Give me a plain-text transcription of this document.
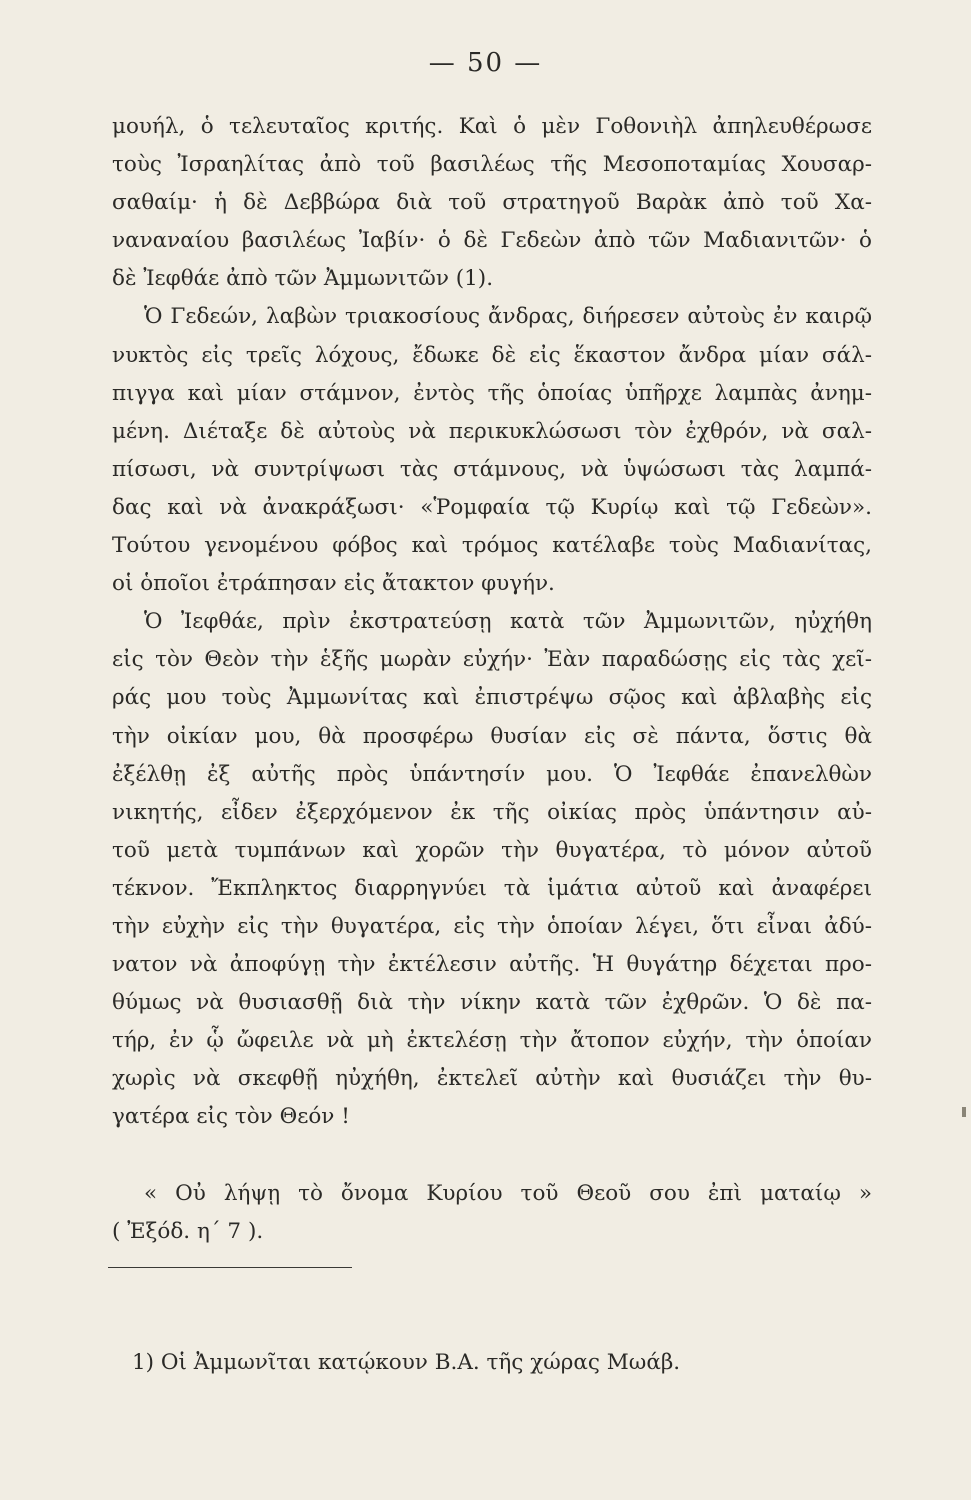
— 50 —
μουήλ, ὁ τελευταῖος κριτής. Καὶ ὁ μὲν Γοθονιὴλ ἀπηλευθέρωσε
τοὺς Ἰσραηλίτας ἀπὸ τοῦ βασιλέως τῆς Μεσοποταμίας Χουσαρ-
σαθαίμ· ἡ δὲ Δεββώρα διὰ τοῦ στρατηγοῦ Βαρὰκ ἀπὸ τοῦ Χα-
ναναναίου βασιλέως Ἰαβίν· ὁ δὲ Γεδεὼν ἀπὸ τῶν Μαδιανιτῶν· ὁ
δὲ Ἰεφθάε ἀπὸ τῶν Ἀμμωνιτῶν (1).
Ὁ Γεδεών, λαβὼν τριακοσίους ἄνδρας, διήρεσεν αὐτοὺς ἐν καιρῷ
νυκτὸς εἰς τρεῖς λόχους, ἔδωκε δὲ εἰς ἕκαστον ἄνδρα μίαν σάλ-
πιγγα καὶ μίαν στάμνον, ἐντὸς τῆς ὁποίας ὑπῆρχε λαμπὰς ἀνημ-
μένη. Διέταξε δὲ αὐτοὺς νὰ περικυκλώσωσι τὸν ἐχθρόν, νὰ σαλ-
πίσωσι, νὰ συντρίψωσι τὰς στάμνους, νὰ ὑψώσωσι τὰς λαμπά-
δας καὶ νὰ ἀνακράξωσι· «Ῥομφαία τῷ Κυρίῳ καὶ τῷ Γεδεὼν».
Τούτου γενομένου φόβος καὶ τρόμος κατέλαβε τοὺς Μαδιανίτας,
οἱ ὁποῖοι ἐτράπησαν εἰς ἄτακτον φυγήν.
Ὁ Ἰεφθάε, πρὶν ἐκστρατεύσῃ κατὰ τῶν Ἀμμωνιτῶν, ηὐχήθη
εἰς τὸν Θεὸν τὴν ἑξῆς μωρὰν εὐχήν· Ἐὰν παραδώσῃς εἰς τὰς χεῖ-
ράς μου τοὺς Ἀμμωνίτας καὶ ἐπιστρέψω σῷος καὶ ἀβλαβὴς εἰς
τὴν οἰκίαν μου, θὰ προσφέρω θυσίαν εἰς σὲ πάντα, ὅστις θὰ
ἐξέλθῃ ἐξ αὐτῆς πρὸς ὑπάντησίν μου. Ὁ Ἰεφθάε ἐπανελθὼν
νικητής, εἶδεν ἐξερχόμενον ἐκ τῆς οἰκίας πρὸς ὑπάντησιν αὐ-
τοῦ μετὰ τυμπάνων καὶ χορῶν τὴν θυγατέρα, τὸ μόνον αὐτοῦ
τέκνον. Ἔκπληκτος διαρρηγνύει τὰ ἱμάτια αὐτοῦ καὶ ἀναφέρει
τὴν εὐχὴν εἰς τὴν θυγατέρα, εἰς τὴν ὁποίαν λέγει, ὅτι εἶναι ἀδύ-
νατον νὰ ἀποφύγῃ τὴν ἐκτέλεσιν αὐτῆς. Ἡ θυγάτηρ δέχεται προ-
θύμως νὰ θυσιασθῇ διὰ τὴν νίκην κατὰ τῶν ἐχθρῶν. Ὁ δὲ πα-
τήρ, ἐν ᾧ ὤφειλε νὰ μὴ ἐκτελέσῃ τὴν ἄτοπον εὐχήν, τὴν ὁποίαν
χωρὶς νὰ σκεφθῇ ηὐχήθη, ἐκτελεῖ αὐτὴν καὶ θυσιάζει τὴν θυ-
γατέρα εἰς τὸν Θεόν !
« Οὐ λήψῃ τὸ ὄνομα Κυρίου τοῦ Θεοῦ σου ἐπὶ ματαίῳ »
( Ἐξόδ. η΄ 7 ).
1) Οἱ Ἀμμωνῖται κατῴκουν Β.Α. τῆς χώρας Μωάβ.
